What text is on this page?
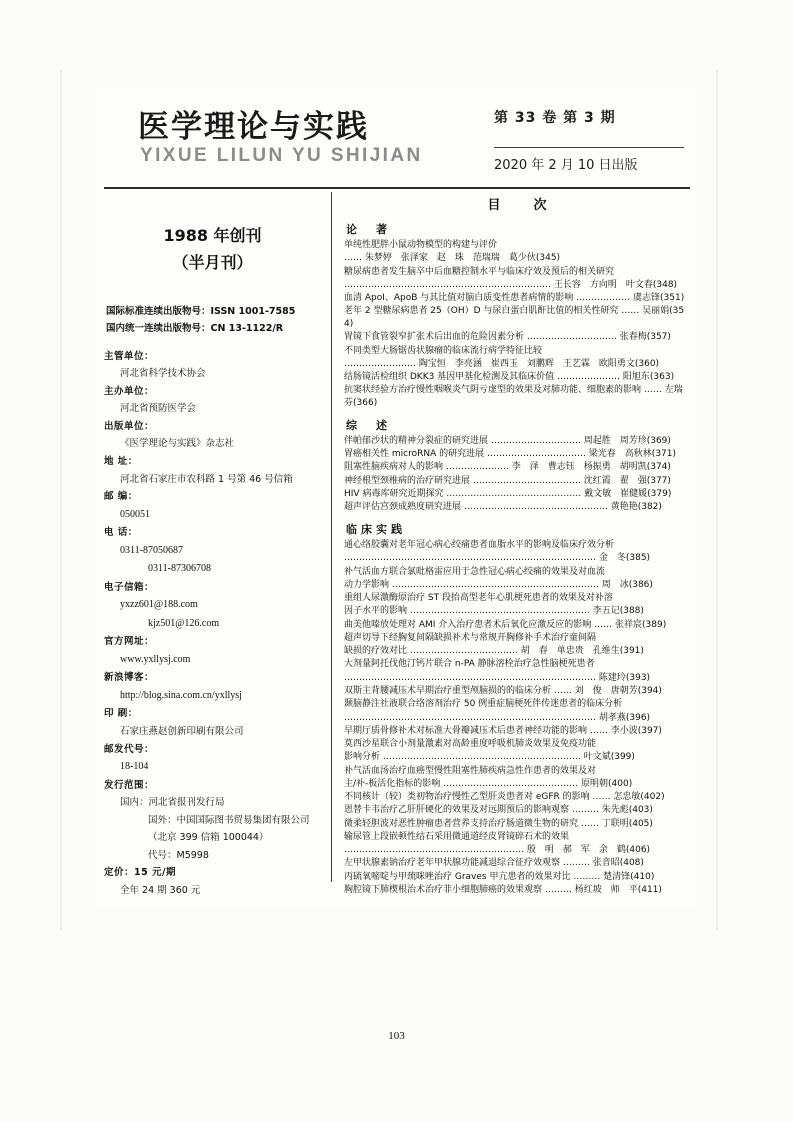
医学理论与实践
YIXUE LILUN YU SHIJIAN
第 33 卷 第 3 期
2020 年 2 月 10 日出版
1988 年创刊
（半月刊）
国际标准连续出版物号：ISSN 1001-7585
国内统一连续出版物号：CN 13-1122/R
主管单位：
河北省科学技术协会
主办单位：
河北省预防医学会
出版单位：
《医学理论与实践》杂志社
地 址：
河北省石家庄市农科路 1 号第 46 号信箱
邮 编：
050051
电 话：
0311-87050687
0311-87306708
电子信箱：
yxzz601@188.com
kjz501@126.com
官方网址：
www.yxllysj.com
新浪博客：
http://blog.sina.com.cn/yxllysj
印 刷：
石家庄燕赵创新印刷有限公司
邮发代号：
18-104
发行范围：
国内：河北省报刊发行局
国外：中国国际图书贸易集团有限公司
（北京 399 信箱 100044）
代号：M5998
定价：15 元/期
全年 24 期 360 元
目　次
论　著
单纯性肥胖小鼠动物模型的构建与评价
…… 朱梦婷　张泽家　赵　珠　范瑞瑞　葛少伙(345)
糖尿病患者发生脑卒中后血糖控制水平与临床疗效及预后的相关研究
…………………………………………………………… 王长容　方向明　叶文春(348)
血清 ApoⅠ、ApoB 与其比值对脑白质变性患者病情的影响 ……………… 虞志锋(351)
老年 2 型糖尿病患者 25（OH）D 与尿白蛋白肌酐比值的相关性研究 …… 吴丽娟(354)
胃镜下食管裂窄扩张术后出血的危险因素分析 ………………………… 张春梅(357)
不同类型大肠锯齿状腺瘤的临床流行病学特征比较
…………………… 陶宝恒　李亮涵　崔西玉　刘鹏辉　王艺霖　欧阳勇文(360)
结肠镜活检组织 DKK3 基因甲基化检测及其临床价值 ………………… 阳旭东(363)
抗窦状经验方治疗慢性咽喉炎气阴亏虚型的效果及对肺功能、细胞素的影响 …… 左瑞芬(366)
综　述
伴帕郁沙状的精神分裂症的研究进展 ………………………… 周起胜　周芳珍(369)
胃癌相关性 microRNA 的研究进展 …………………………… 梁光春　高秋林(371)
阻塞性脑疾病对人的影响 ………………… 李　泽　曹志钰　杨振勇　胡明凯(374)
神经根型颈椎病的治疗研究进展 ……………………………… 沈红霞　翟　强(377)
HIV 病毒库研究近期探究 ……………………………………… 戴文敏　崔健媛(379)
超声评估宫颈成熟度研究进展 ………………………………………… 黄艳艳(382)
临床实践
通心络胶囊对老年冠心病心绞痛患者血脂水平的影响及临床疗效分析
………………………………………………………………………… 金　冬(385)
补气活血方联合氯吡格雷应用于急性冠心病心绞痛的效果及对血流
动力学影响 …………………………………………………………… 周　冰(386)
重组人尿激酶原治疗 ST 段抬高型老年心肌梗死患者的效果及对补溶
因子水平的影响 …………………………………………………… 李五记(388)
曲美他嗪放处理对 AMI 介入治疗患者术后氧化应激反应的影响 …… 张祥宸(389)
超声切导下经胸复间隔缺损补术与常规开胸修补手术治疗童间隔
缺损的疗效对比 ……………………………… 胡　春　单忠贵　孔维生(391)
大剂量阿托伐他汀钙片联合 n-PA 静脉溶栓治疗急性脑梗死患者
………………………………………………………………………… 陈建玲(393)
双斯主背腰减压术早期治疗重型颅脑损的的临床分析 …… 刘　俊　唐朝芳(394)
颞脑静注社液联合络溶剂治疗 50 例重症脑梗死伴传迷患者的临床分析
………………………………………………………………………… 胡孝燕(396)
早期厅质骨修补术对标准大骨瓣减压术后患者神经功能的影响 …… 李小波(397)
莫西沙星联合小剂量激素对高龄重度呼吸机肺炎效果及免疫功能
影响分析 ………………………………………………………… 叶文斌(399)
补气活血汤治疗血癌型慢性阻塞性肺疾病急性作患者的效果及对
主/补-板活化指标的影响 ……………………………………… 原明朝(400)
不同核计（较）类初物治疗慢性乙型肝炎患者对 eGFR 的影响 …… 怎忠敏(402)
恩替卡韦治疗乙肝肝硬化的效果及对远期预后的影响观察 ……… 朱先彪(403)
微柔轻胆波对恶性肿瘤患者营养支持治疗肠道微生物的研究 …… 丁联明(405)
输尿管上段嵌顿性结石采用微通道经皮肾镜碎石术的效果
…………………………………………………… 殷　明　郝　军　余　鹤(406)
左甲状腺素钠治疗老年甲状腺功能减退综合征疗效观察 ……… 张音昭(408)
丙硫氧嘧啶与甲巯咪唑治疗 Graves 甲亢患者的效果对比 ……… 楚清锋(410)
胸腔镜下肺楔根治术治疗非小细胞肺癌的效果观察 ……… 杨红坡　师　平(411)
103
